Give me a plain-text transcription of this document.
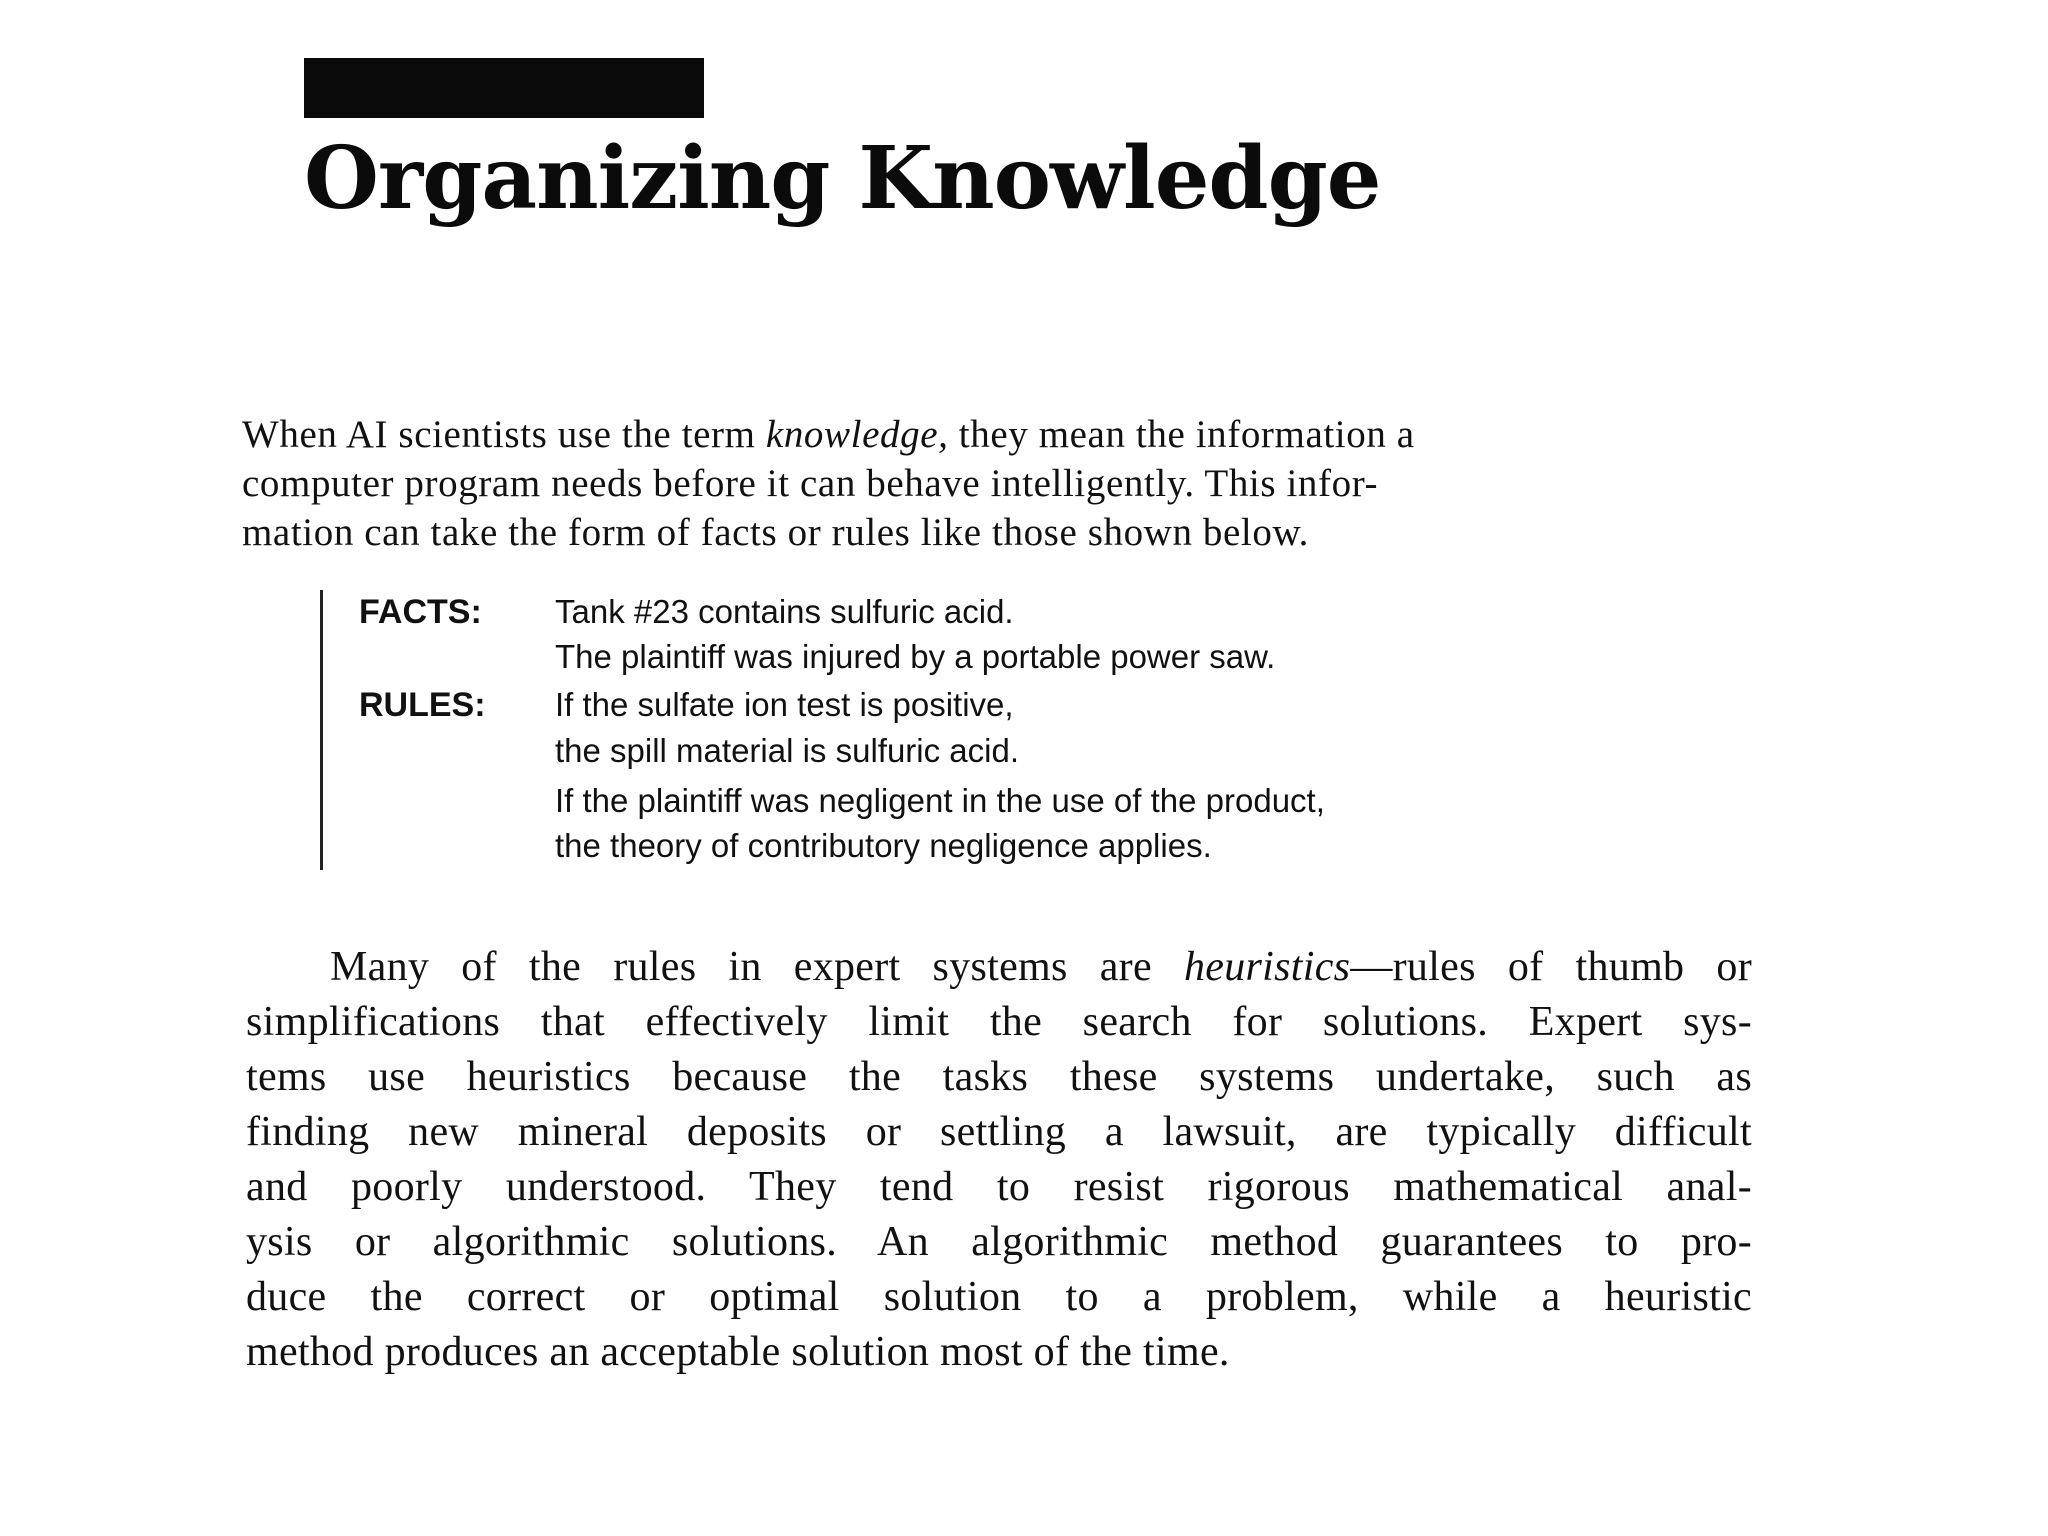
Organizing Knowledge

When AI scientists use the term knowledge, they mean the information a
computer program needs before it can behave intelligently. This infor-
mation can take the form of facts or rules like those shown below.

FACTS: Tank #23 contains sulfuric acid.
The plaintiff was injured by a portable power saw.
RULES: If the sulfate ion test is positive,
the spill material is sulfuric acid.
If the plaintiff was negligent in the use of the product,
the theory of contributory negligence applies.

Many of the rules in expert systems are heuristics—rules of thumb or
simplifications that effectively limit the search for solutions. Expert sys-
tems use heuristics because the tasks these systems undertake, such as
finding new mineral deposits or settling a lawsuit, are typically difficult
and poorly understood. They tend to resist rigorous mathematical anal-
ysis or algorithmic solutions. An algorithmic method guarantees to pro-
duce the correct or optimal solution to a problem, while a heuristic
method produces an acceptable solution most of the time.
